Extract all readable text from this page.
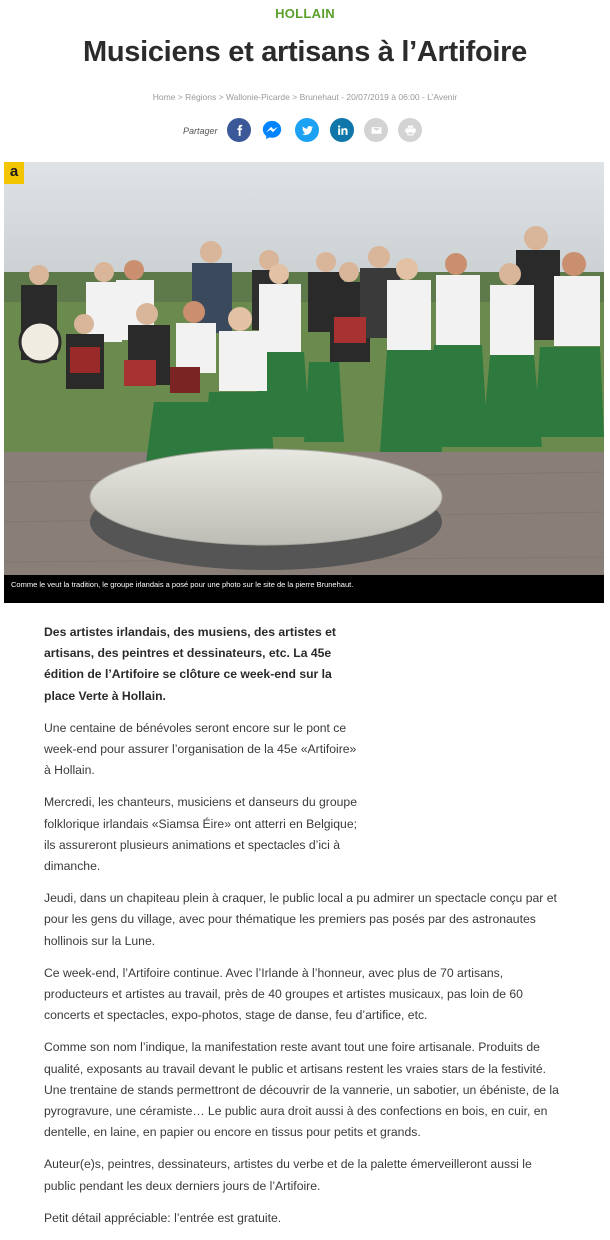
HOLLAIN
Musiciens et artisans à l’Artifoire
Home > Régions > Wallonie-Picarde > Brunehaut - 20/07/2019 à 06:00 - L’Avenir
Partager
a
Comme le veut la tradition, le groupe irlandais a posé pour une photo sur le site de la pierre Brunehaut.

Des artistes irlandais, des musiens, des artistes et artisans, des peintres et dessinateurs, etc. La 45e édition de l’Artifoire se clôture ce week-end sur la place Verte à Hollain.

Une centaine de bénévoles seront encore sur le pont ce week-end pour assurer l’organisation de la 45e «Artifoire» à Hollain.

Mercredi, les chanteurs, musiciens et danseurs du groupe folklorique irlandais «Siamsa Éire» ont atterri en Belgique; ils assureront plusieurs animations et spectacles d’ici à dimanche.

Jeudi, dans un chapiteau plein à craquer, le public local a pu admirer un spectacle conçu par et pour les gens du village, avec pour thématique les premiers pas posés par des astronautes hollinois sur la Lune.

Ce week-end, l’Artifoire continue. Avec l’Irlande à l’honneur, avec plus de 70 artisans, producteurs et artistes au travail, près de 40 groupes et artistes musicaux, pas loin de 60 concerts et spectacles, expo-photos, stage de danse, feu d’artifice, etc.

Comme son nom l’indique, la manifestation reste avant tout une foire artisanale. Produits de qualité, exposants au travail devant le public et artisans restent les vraies stars de la festivité. Une trentaine de stands permettront de découvrir de la vannerie, un sabotier, un ébéniste, de la pyrogravure, une céramiste… Le public aura droit aussi à des confections en bois, en cuir, en dentelle, en laine, en papier ou encore en tissus pour petits et grands.

Auteur(e)s, peintres, dessinateurs, artistes du verbe et de la palette émerveilleront aussi le public pendant les deux derniers jours de l’Artifoire.

Petit détail appréciable: l’entrée est gratuite.
